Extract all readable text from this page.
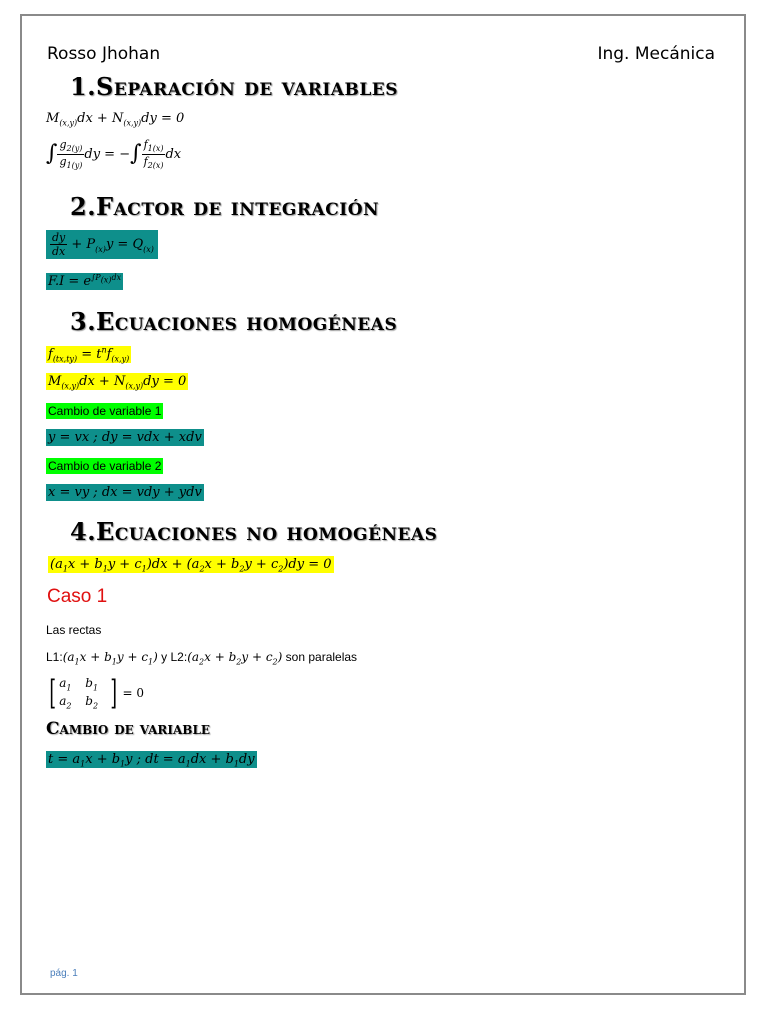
Rosso Jhohan	Ing. Mecánica
1.Separación de variables
$M_{(x,y)}dx + N_{(x,y)}dy = 0$
∫ $\frac{g_{2(y)}}{g_{1(y)}}$ dy = −∫ $\frac{f_{1(x)}}{f_{2(x)}}$ dx
2.Factor de integración
$\frac{dy}{dx} + P_{(x)}y = Q_{(x)}$
$F.I = e^{\int P_{(x)}dx}$
3.Ecuaciones homogéneas
$f_{(tx,ty)} = t^nf_{(x,y)}$
$M_{(x,y)}dx + N_{(x,y)}dy = 0$
Cambio de variable 1
y = vx ; dy = vdx + xdv
Cambio de variable 2
x = vy ; dx = vdy + ydv
4.Ecuaciones no homogéneas
$(a_1x + b_1y + c_1)dx + (a_2x + b_2y + c_2)dy = 0$
Caso 1
Las rectas
$L1:(a_1x + b_1y + c_1)$ y $L2:(a_2x + b_2y + c_2)$ son paralelas
[ $a_1$	$b_1$
$a_2$	$b_2$ ] = 0
Cambio de variable
$t = a_1x + b_1y$ ; dt = $a_1dx + b_1dy$
pág. 1
